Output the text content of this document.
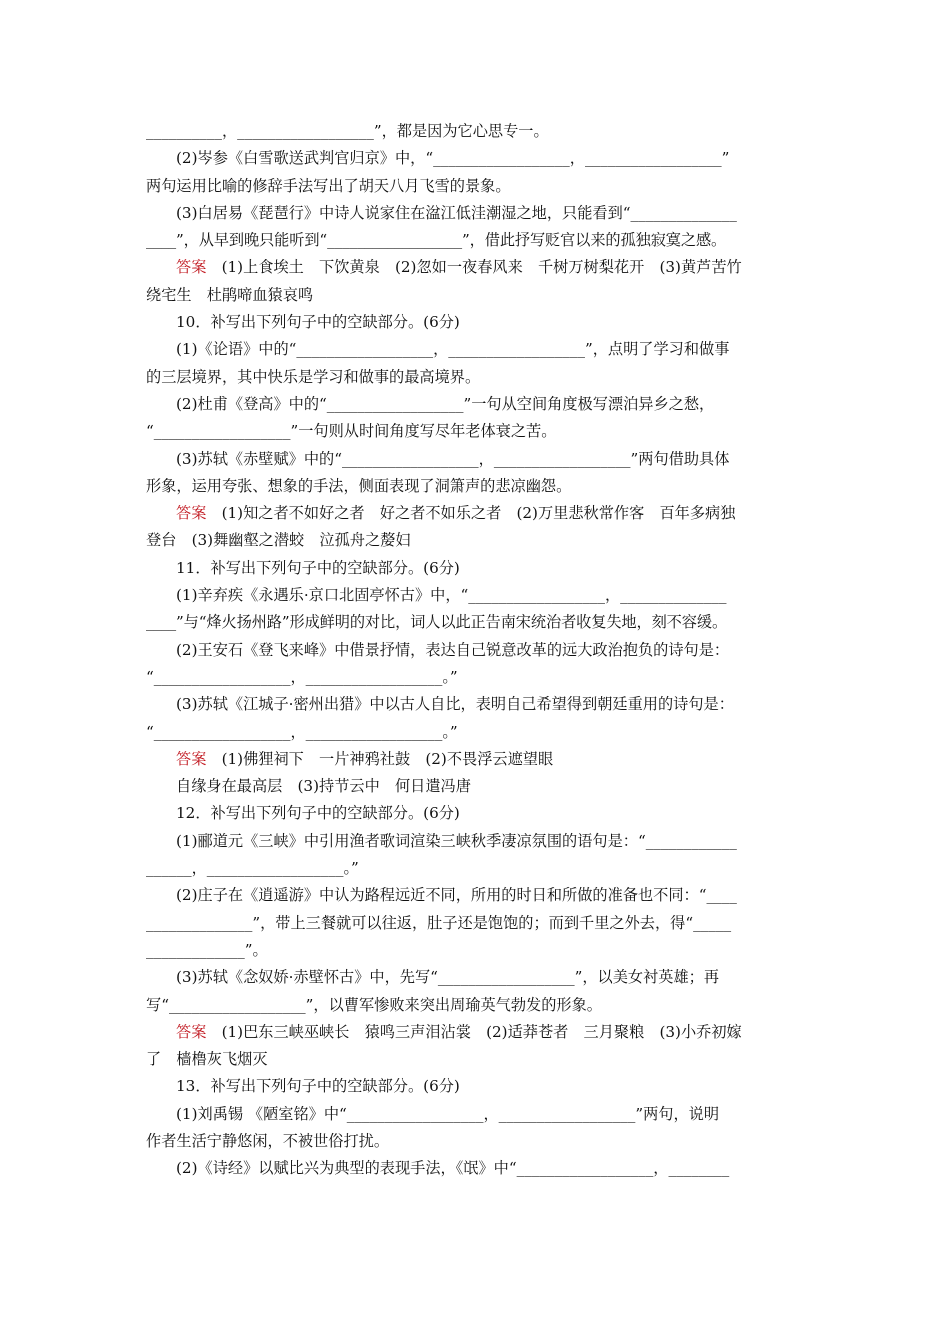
__________，__________________”，都是因为它心思专一。

(2)岑参《白雪歌送武判官归京》中，“__________________，__________________”

两句运用比喻的修辞手法写出了胡天八月飞雪的景象。

(3)白居易《琵琶行》中诗人说家住在湓江低洼潮湿之地，只能看到“______________

____”，从早到晚只能听到“__________________”，借此抒写贬官以来的孤独寂寞之感。

答案　 (1)上食埃土　下饮黄泉　(2)忽如一夜春风来　千树万树梨花开　(3)黄芦苦竹

绕宅生　杜鹃啼血猿哀鸣

10．补写出下列句子中的空缺部分。(6分)

(1)《论语》中的“__________________，__________________”，点明了学习和做事

的三层境界，其中快乐是学习和做事的最高境界。

(2)杜甫《登高》中的“__________________”一句从空间角度极写漂泊异乡之愁，

“__________________”一句则从时间角度写尽年老体衰之苦。

(3)苏轼《赤壁赋》中的“__________________，__________________”两句借助具体

形象，运用夸张、想象的手法，侧面表现了洞箫声的悲凉幽怨。

答案　 (1)知之者不如好之者　好之者不如乐之者　(2)万里悲秋常作客　百年多病独

登台　(3)舞幽壑之潜蛟　泣孤舟之嫠妇

11．补写出下列句子中的空缺部分。(6分)

(1)辛弃疾《永遇乐·京口北固亭怀古》中，“__________________，______________

____”与“烽火扬州路”形成鲜明的对比，词人以此正告南宋统治者收复失地，刻不容缓。

(2)王安石《登飞来峰》中借景抒情，表达自己锐意改革的远大政治抱负的诗句是：

“__________________，__________________。”

(3)苏轼《江城子·密州出猎》中以古人自比，表明自己希望得到朝廷重用的诗句是：

“__________________，__________________。”

答案　 (1)佛狸祠下　一片神鸦社鼓　(2)不畏浮云遮望眼

自缘身在最高层　(3)持节云中　何日遣冯唐

12．补写出下列句子中的空缺部分。(6分)

(1)郦道元《三峡》中引用渔者歌词渲染三峡秋季凄凉氛围的语句是：“____________

______，__________________。”

(2)庄子在《逍遥游》中认为路程远近不同，所用的时日和所做的准备也不同：“____

______________”，带上三餐就可以往返，肚子还是饱饱的；而到千里之外去，得“_____

_____________”。

(3)苏轼《念奴娇·赤壁怀古》中，先写“__________________”，以美女衬英雄；再

写“__________________”，以曹军惨败来突出周瑜英气勃发的形象。

答案　 (1)巴东三峡巫峡长　猿鸣三声泪沾裳　(2)适莽苍者　三月聚粮　(3)小乔初嫁

了　樯橹灰飞烟灭

13．补写出下列句子中的空缺部分。(6分)

(1)刘禹锡 《陋室铭》中“__________________，__________________”两句，说明

作者生活宁静悠闲，不被世俗打扰。

(2)《诗经》以赋比兴为典型的表现手法，《氓》中“__________________，________
